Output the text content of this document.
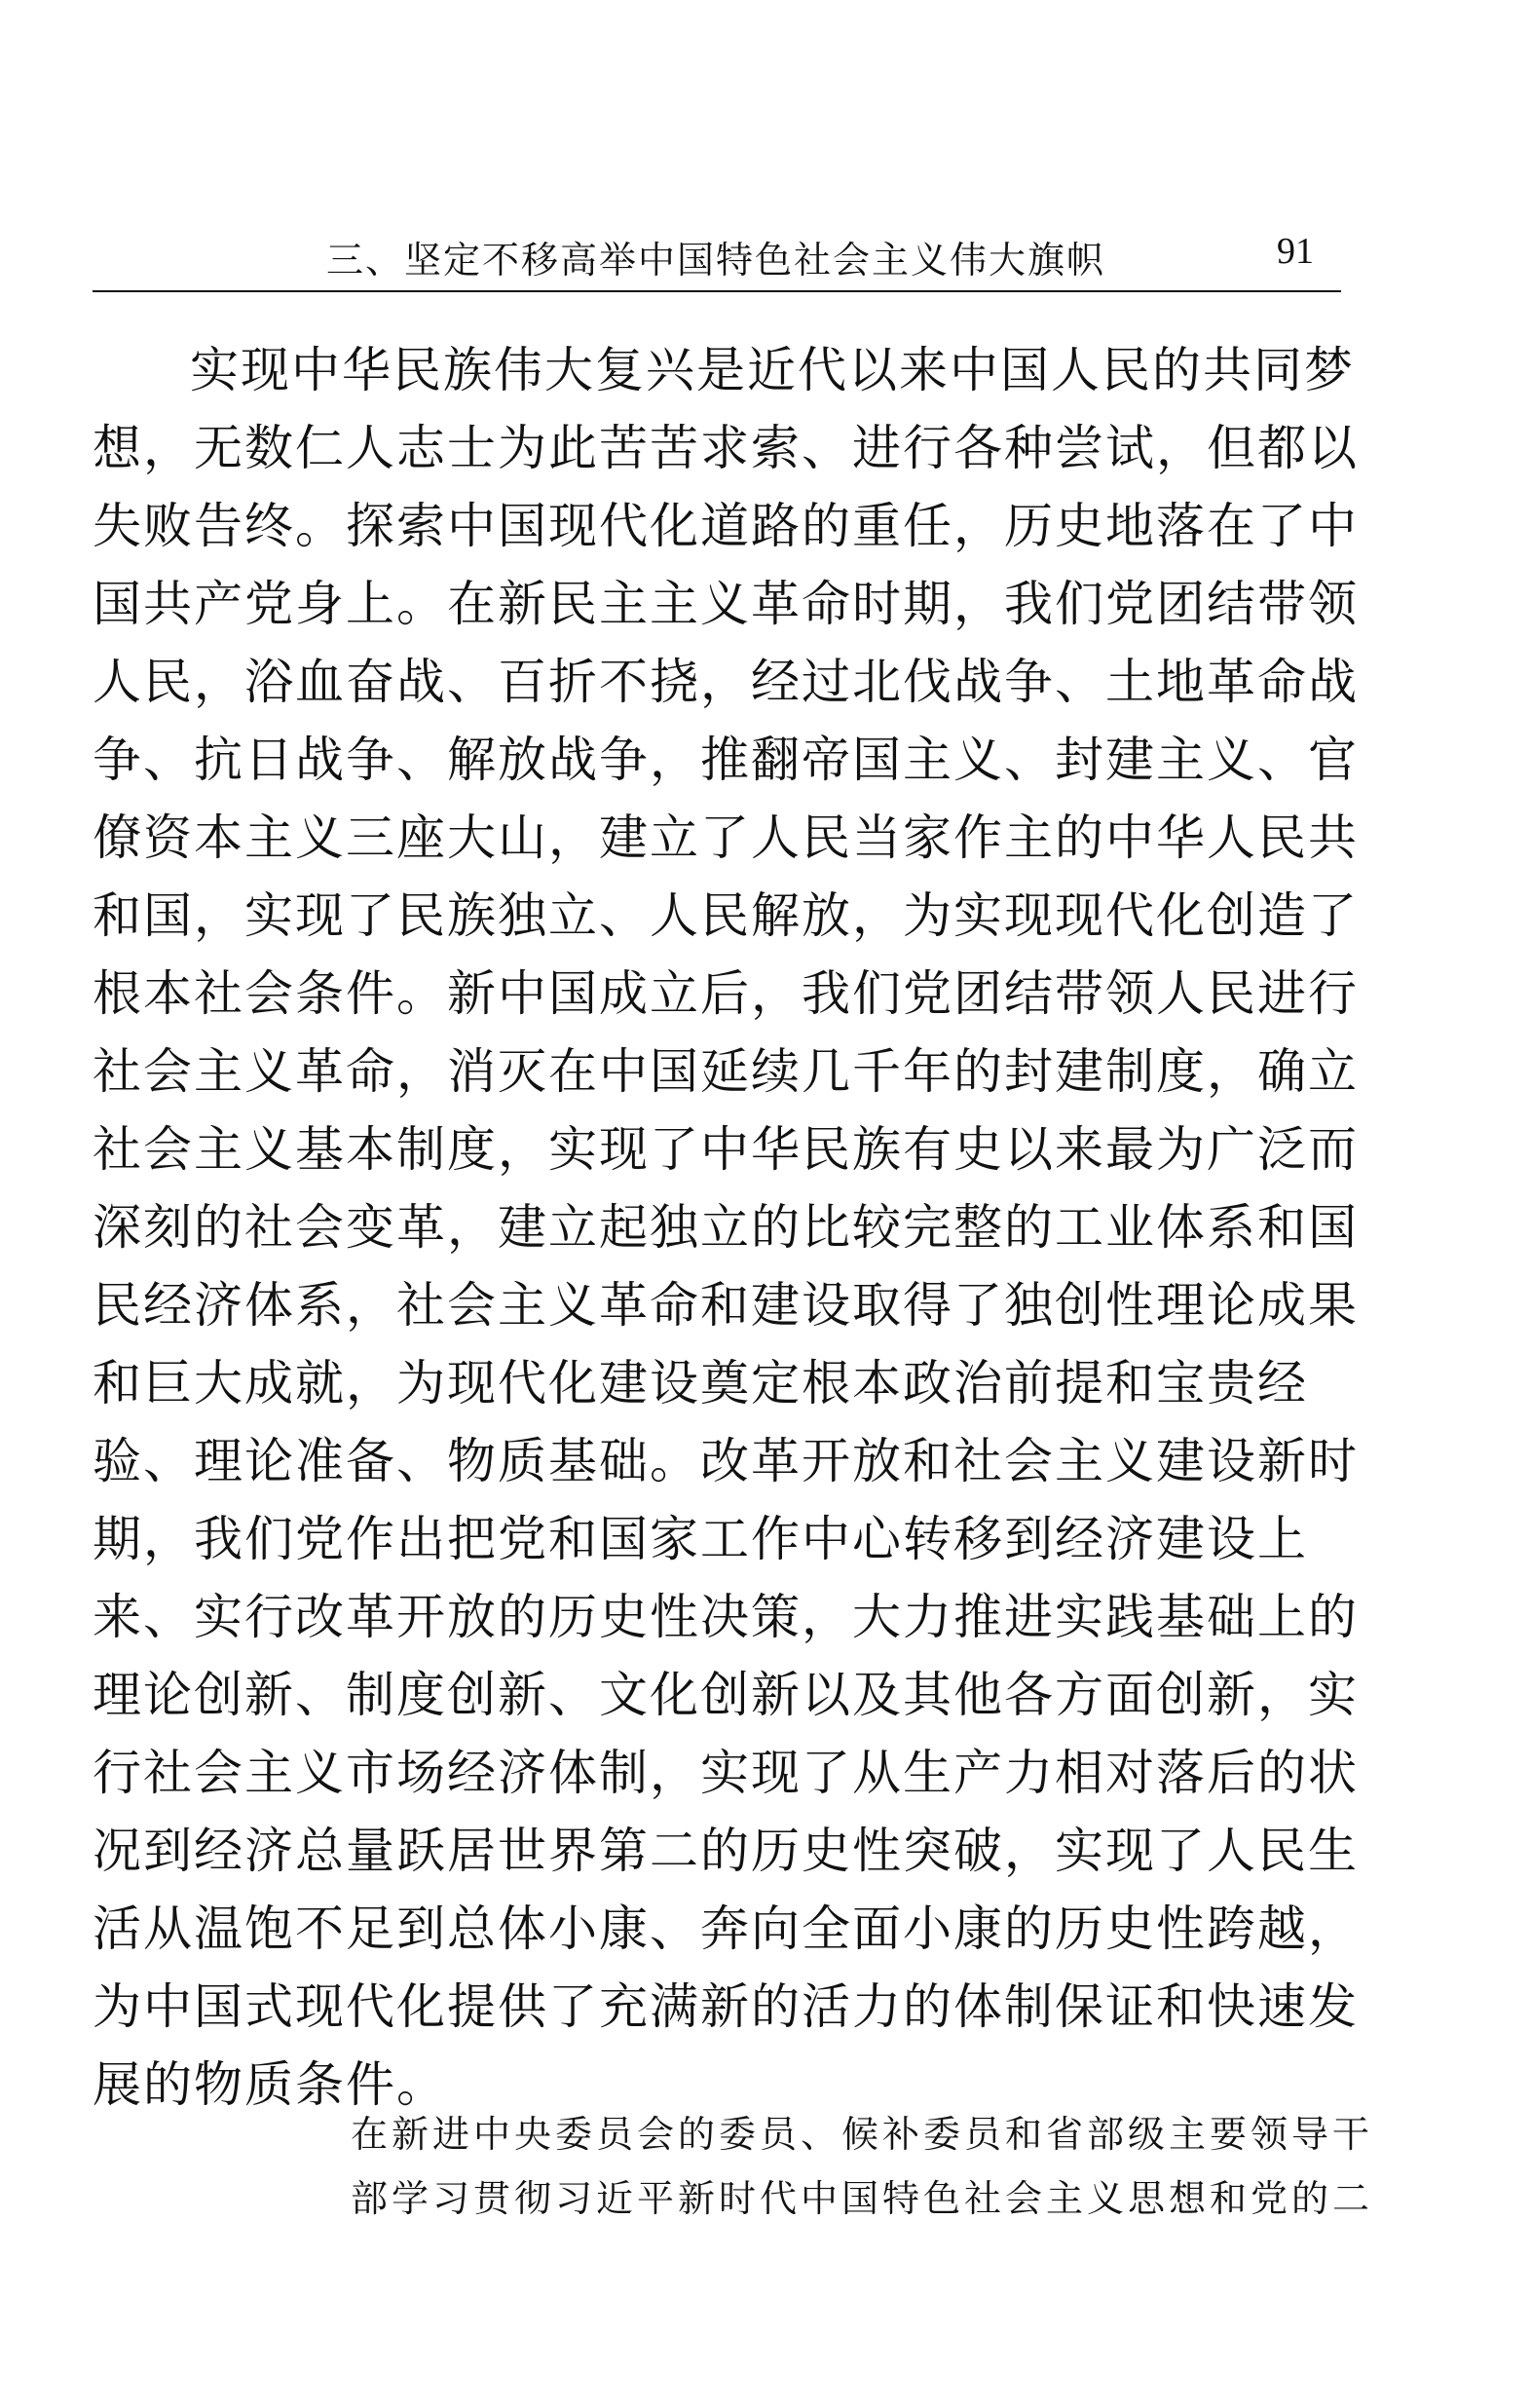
三、坚定不移高举中国特色社会主义伟大旗帜	91
实现中华民族伟大复兴是近代以来中国人民的共同梦
想，无数仁人志士为此苦苦求索、进行各种尝试，但都以
失败告终。探索中国现代化道路的重任，历史地落在了中
国共产党身上。在新民主主义革命时期，我们党团结带领
人民，浴血奋战、百折不挠，经过北伐战争、土地革命战
争、抗日战争、解放战争，推翻帝国主义、封建主义、官
僚资本主义三座大山，建立了人民当家作主的中华人民共
和国，实现了民族独立、人民解放，为实现现代化创造了
根本社会条件。新中国成立后，我们党团结带领人民进行
社会主义革命，消灭在中国延续几千年的封建制度，确立
社会主义基本制度，实现了中华民族有史以来最为广泛而
深刻的社会变革，建立起独立的比较完整的工业体系和国
民经济体系，社会主义革命和建设取得了独创性理论成果
和巨大成就，为现代化建设奠定根本政治前提和宝贵经
验、理论准备、物质基础。改革开放和社会主义建设新时
期，我们党作出把党和国家工作中心转移到经济建设上
来、实行改革开放的历史性决策，大力推进实践基础上的
理论创新、制度创新、文化创新以及其他各方面创新，实
行社会主义市场经济体制，实现了从生产力相对落后的状
况到经济总量跃居世界第二的历史性突破，实现了人民生
活从温饱不足到总体小康、奔向全面小康的历史性跨越，
为中国式现代化提供了充满新的活力的体制保证和快速发
展的物质条件。
在新进中央委员会的委员、候补委员和省部级主要领导干
部学习贯彻习近平新时代中国特色社会主义思想和党的二
